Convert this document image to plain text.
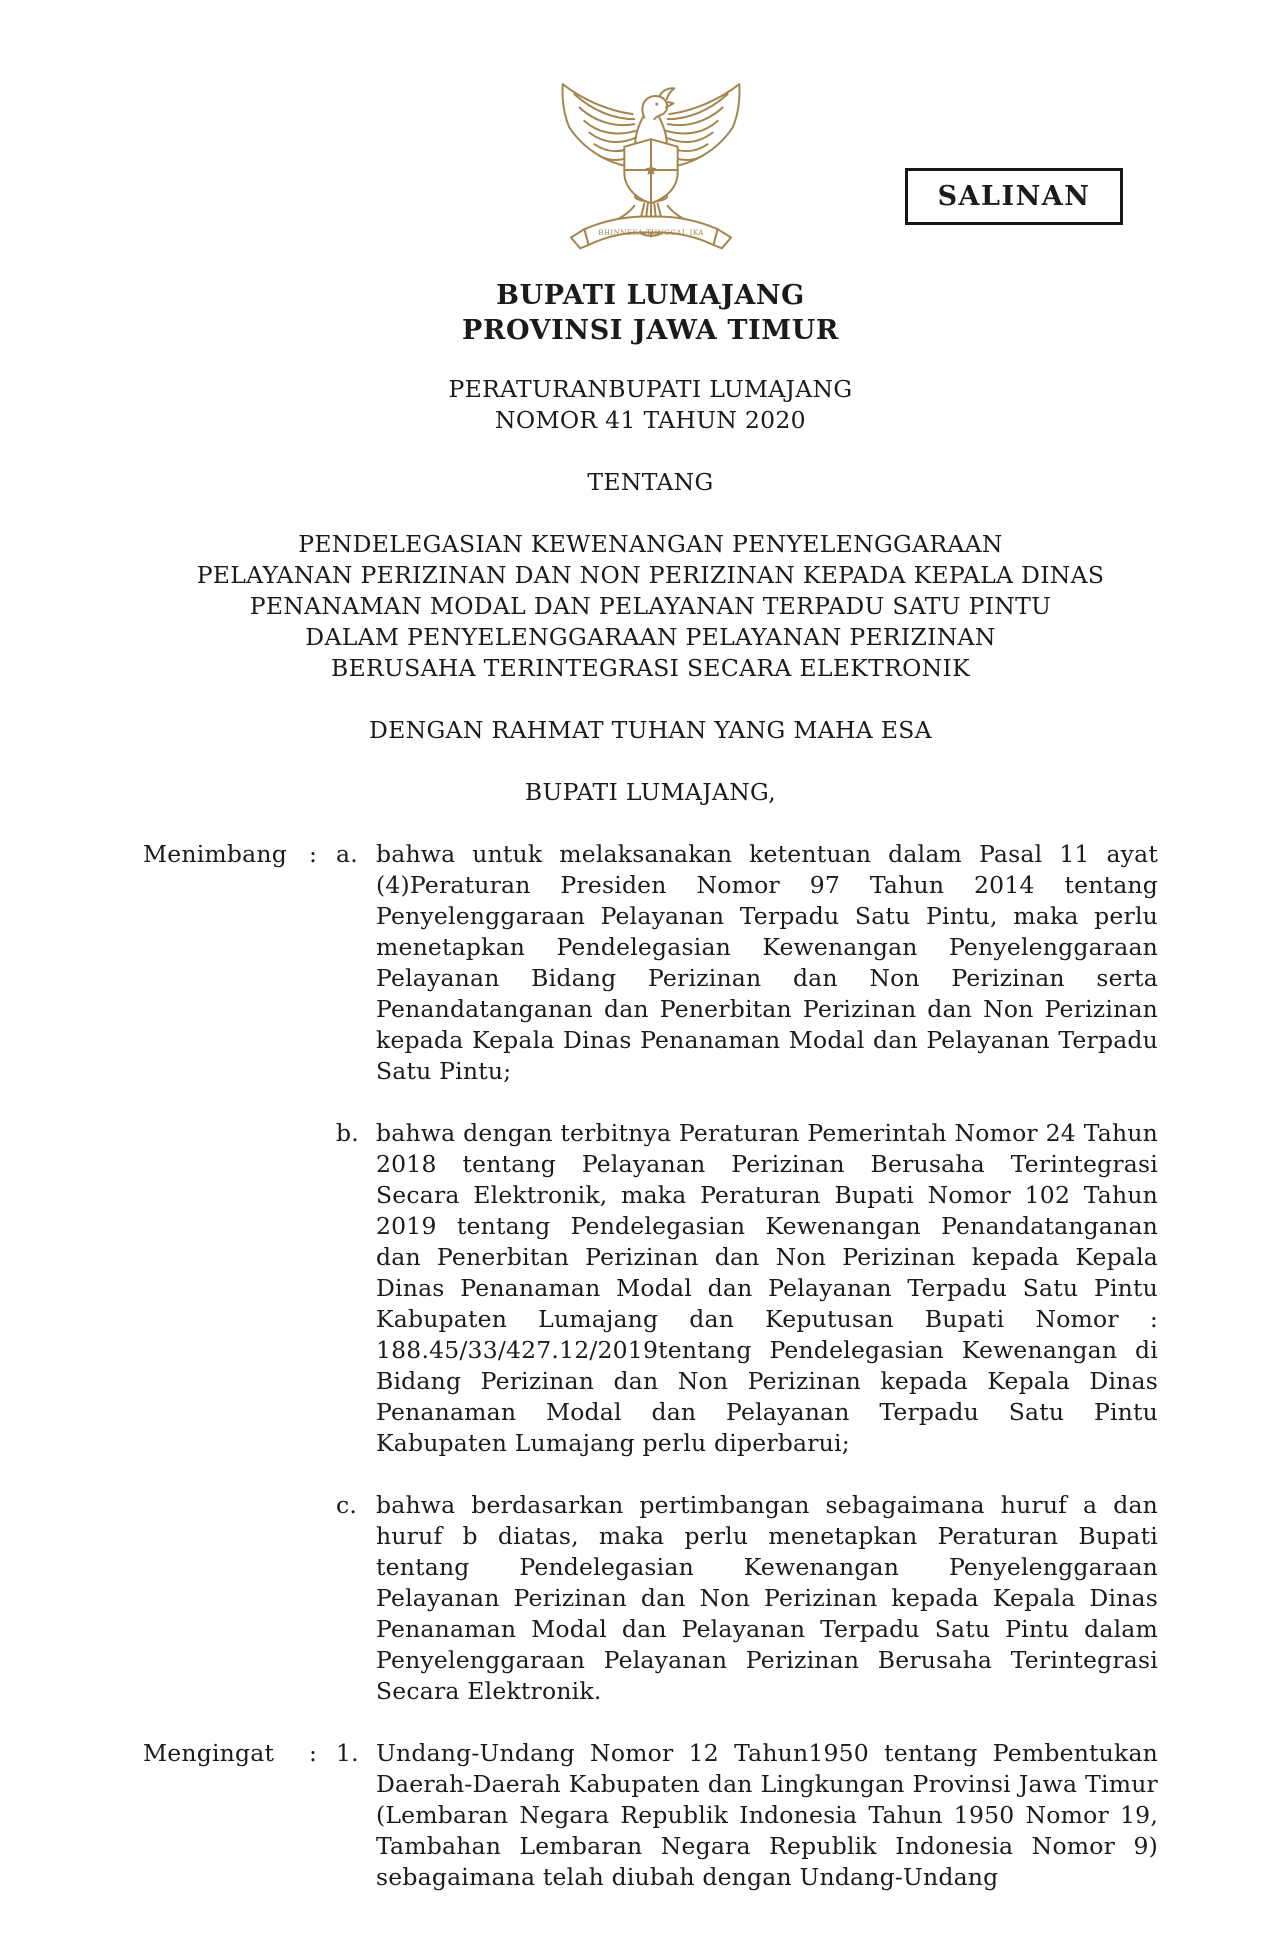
SALINAN
BHINNEKA TUNGGAL IKA
BUPATI LUMAJANG
PROVINSI JAWA TIMUR
PERATURANBUPATI LUMAJANG
NOMOR 41 TAHUN 2020
TENTANG
PENDELEGASIAN KEWENANGAN PENYELENGGARAAN
PELAYANAN PERIZINAN DAN NON PERIZINAN KEPADA KEPALA DINAS
PENANAMAN MODAL DAN PELAYANAN TERPADU SATU PINTU
DALAM PENYELENGGARAAN PELAYANAN PERIZINAN
BERUSAHA TERINTEGRASI SECARA ELEKTRONIK
DENGAN RAHMAT TUHAN YANG MAHA ESA
BUPATI LUMAJANG,
Menimbang : a. bahwa untuk melaksanakan ketentuan dalam Pasal 11 ayat (4)Peraturan Presiden Nomor 97 Tahun 2014 tentang Penyelenggaraan Pelayanan Terpadu Satu Pintu, maka perlu menetapkan Pendelegasian Kewenangan Penyelenggaraan Pelayanan Bidang Perizinan dan Non Perizinan serta Penandatanganan dan Penerbitan Perizinan dan Non Perizinan kepada Kepala Dinas Penanaman Modal dan Pelayanan Terpadu Satu Pintu;
b. bahwa dengan terbitnya Peraturan Pemerintah Nomor 24 Tahun 2018 tentang Pelayanan Perizinan Berusaha Terintegrasi Secara Elektronik, maka Peraturan Bupati Nomor 102 Tahun 2019 tentang Pendelegasian Kewenangan Penandatanganan dan Penerbitan Perizinan dan Non Perizinan kepada Kepala Dinas Penanaman Modal dan Pelayanan Terpadu Satu Pintu Kabupaten Lumajang dan Keputusan Bupati Nomor : 188.45/33/427.12/2019tentang Pendelegasian Kewenangan di Bidang Perizinan dan Non Perizinan kepada Kepala Dinas Penanaman Modal dan Pelayanan Terpadu Satu Pintu Kabupaten Lumajang perlu diperbarui;
c. bahwa berdasarkan pertimbangan sebagaimana huruf a dan huruf b diatas, maka perlu menetapkan Peraturan Bupati tentang Pendelegasian Kewenangan Penyelenggaraan Pelayanan Perizinan dan Non Perizinan kepada Kepala Dinas Penanaman Modal dan Pelayanan Terpadu Satu Pintu dalam Penyelenggaraan Pelayanan Perizinan Berusaha Terintegrasi Secara Elektronik.
Mengingat	: 1. Undang-Undang Nomor 12 Tahun1950 tentang Pembentukan Daerah-Daerah Kabupaten dan Lingkungan Provinsi Jawa Timur (Lembaran Negara Republik Indonesia Tahun 1950 Nomor 19, Tambahan Lembaran Negara Republik Indonesia Nomor 9) sebagaimana telah diubah dengan Undang-Undang
